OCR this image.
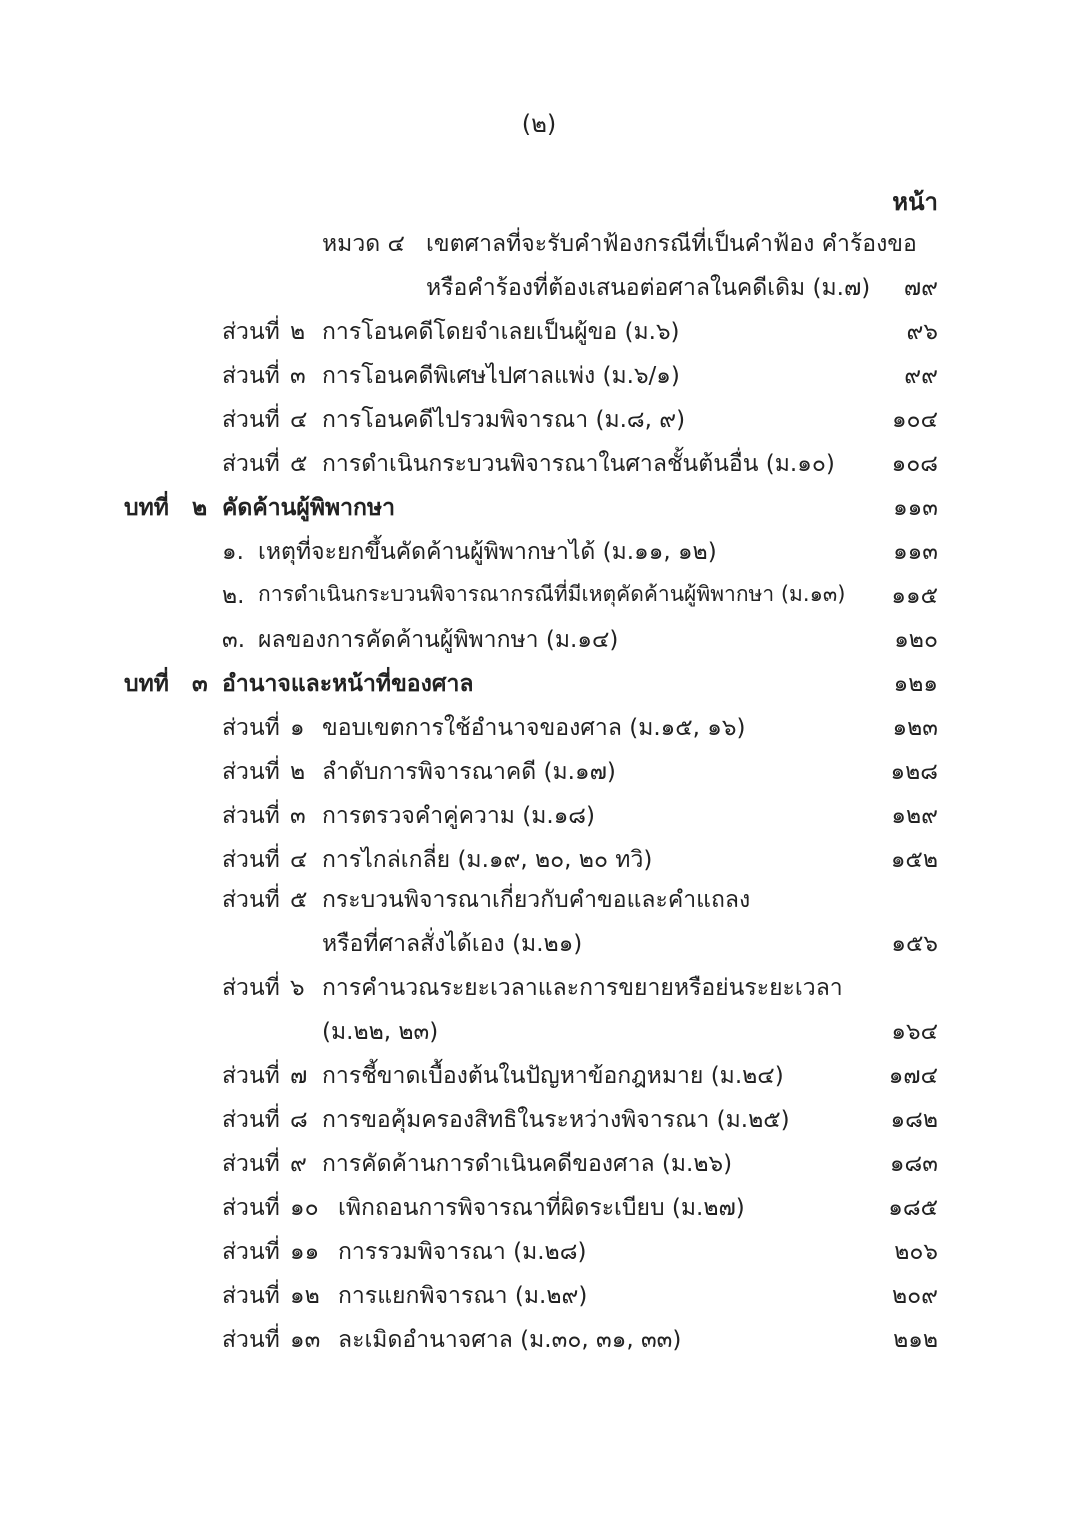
(๒)
หน้า
หมวด ๔ เขตศาลที่จะรับคำฟ้องกรณีที่เป็นคำฟ้อง คำร้องขอ
หรือคำร้องที่ต้องเสนอต่อศาลในคดีเดิม (ม.๗) ๗๙
ส่วนที่ ๒ การโอนคดีโดยจำเลยเป็นผู้ขอ (ม.๖)	๙๖
ส่วนที่ ๓ การโอนคดีพิเศษไปศาลแพ่ง (ม.๖/๑)	๙๙
ส่วนที่ ๔ การโอนคดีไปรวมพิจารณา (ม.๘, ๙)	๑๐๔
ส่วนที่ ๕ การดำเนินกระบวนพิจารณาในศาลชั้นต้นอื่น (ม.๑๐) ๑๐๘
บทที่ ๒ คัดค้านผู้พิพากษา	๑๑๓
๑. เหตุที่จะยกขึ้นคัดค้านผู้พิพากษาได้ (ม.๑๑, ๑๒)	๑๑๓
๒. การดำเนินกระบวนพิจารณากรณีที่มีเหตุคัดค้านผู้พิพากษา (ม.๑๓) ๑๑๕
๓. ผลของการคัดค้านผู้พิพากษา (ม.๑๔)	๑๒๐
บทที่ ๓ อำนาจและหน้าที่ของศาล	๑๒๑
ส่วนที่ ๑ ขอบเขตการใช้อำนาจของศาล (ม.๑๕, ๑๖)	๑๒๓
ส่วนที่ ๒ ลำดับการพิจารณาคดี (ม.๑๗)	๑๒๘
ส่วนที่ ๓ การตรวจคำคู่ความ (ม.๑๘)	๑๒๙
ส่วนที่ ๔ การไกล่เกลี่ย (ม.๑๙, ๒๐, ๒๐ ทวิ)	๑๕๒
ส่วนที่ ๕ กระบวนพิจารณาเกี่ยวกับคำขอและคำแถลง
หรือที่ศาลสั่งได้เอง (ม.๒๑)	๑๕๖
ส่วนที่ ๖ การคำนวณระยะเวลาและการขยายหรือย่นระยะเวลา
(ม.๒๒, ๒๓)	๑๖๔
ส่วนที่ ๗ การชี้ขาดเบื้องต้นในปัญหาข้อกฎหมาย (ม.๒๔)	๑๗๔
ส่วนที่ ๘ การขอคุ้มครองสิทธิในระหว่างพิจารณา (ม.๒๕)	๑๘๒
ส่วนที่ ๙ การคัดค้านการดำเนินคดีของศาล (ม.๒๖)	๑๘๓
ส่วนที่ ๑๐ เพิกถอนการพิจารณาที่ผิดระเบียบ (ม.๒๗)	๑๘๕
ส่วนที่ ๑๑ การรวมพิจารณา (ม.๒๘)	๒๐๖
ส่วนที่ ๑๒ การแยกพิจารณา (ม.๒๙)	๒๐๙
ส่วนที่ ๑๓ ละเมิดอำนาจศาล (ม.๓๐, ๓๑, ๓๓)	๒๑๒
